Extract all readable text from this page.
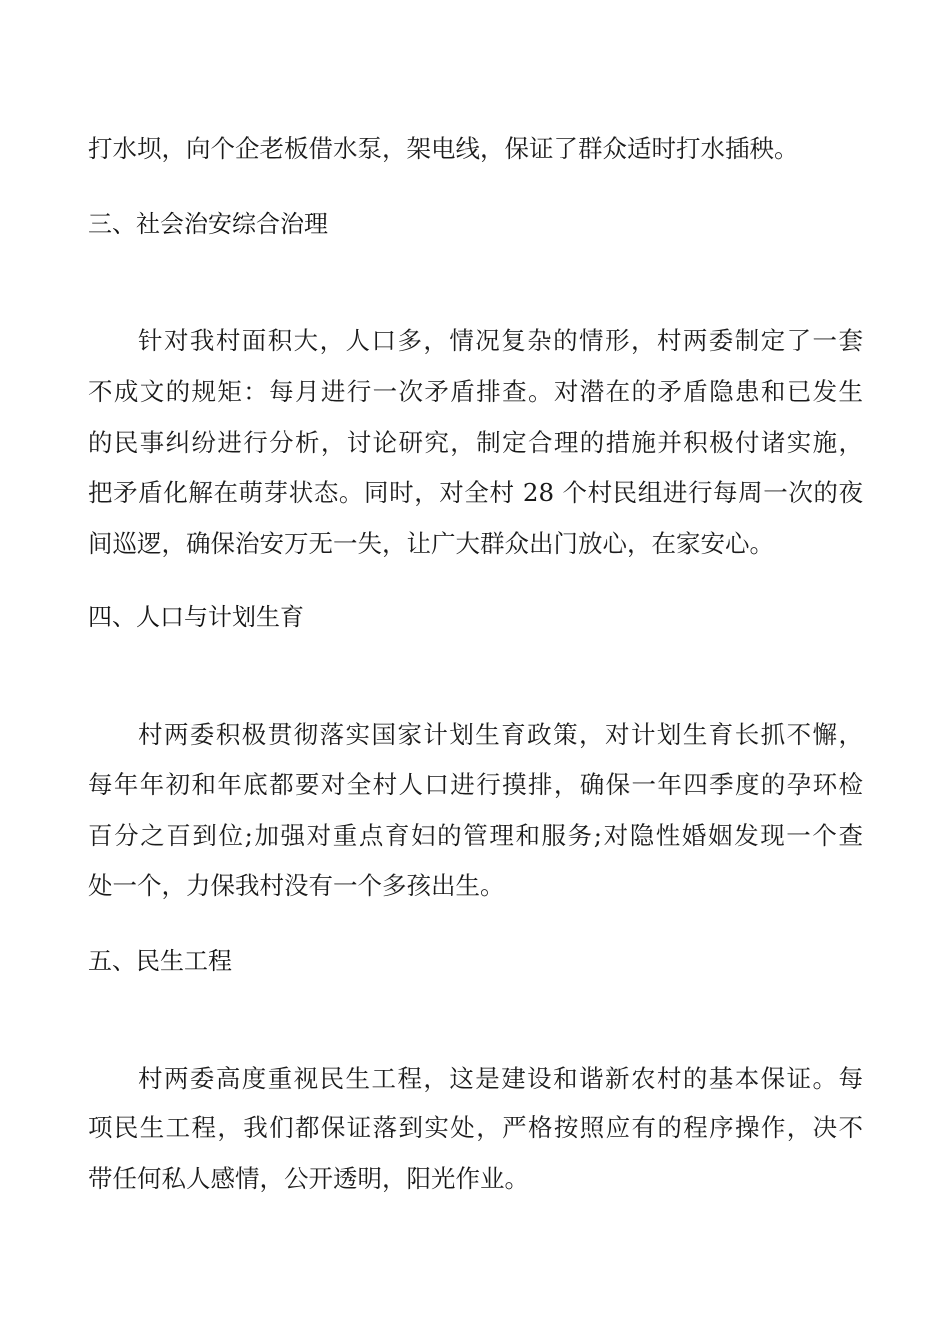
打水坝，向个企老板借水泵，架电线，保证了群众适时打水插秧。
三、社会治安综合治理
针对我村面积大，人口多，情况复杂的情形，村两委制定了一套
不成文的规矩：每月进行一次矛盾排查。对潜在的矛盾隐患和已发生
的民事纠纷进行分析，讨论研究，制定合理的措施并积极付诸实施，
把矛盾化解在萌芽状态。同时，对全村 28 个村民组进行每周一次的夜
间巡逻，确保治安万无一失，让广大群众出门放心，在家安心。
四、人口与计划生育
村两委积极贯彻落实国家计划生育政策，对计划生育长抓不懈，
每年年初和年底都要对全村人口进行摸排，确保一年四季度的孕环检
百分之百到位;加强对重点育妇的管理和服务;对隐性婚姻发现一个查
处一个，力保我村没有一个多孩出生。
五、民生工程
村两委高度重视民生工程，这是建设和谐新农村的基本保证。每
项民生工程，我们都保证落到实处，严格按照应有的程序操作，决不
带任何私人感情，公开透明，阳光作业。
